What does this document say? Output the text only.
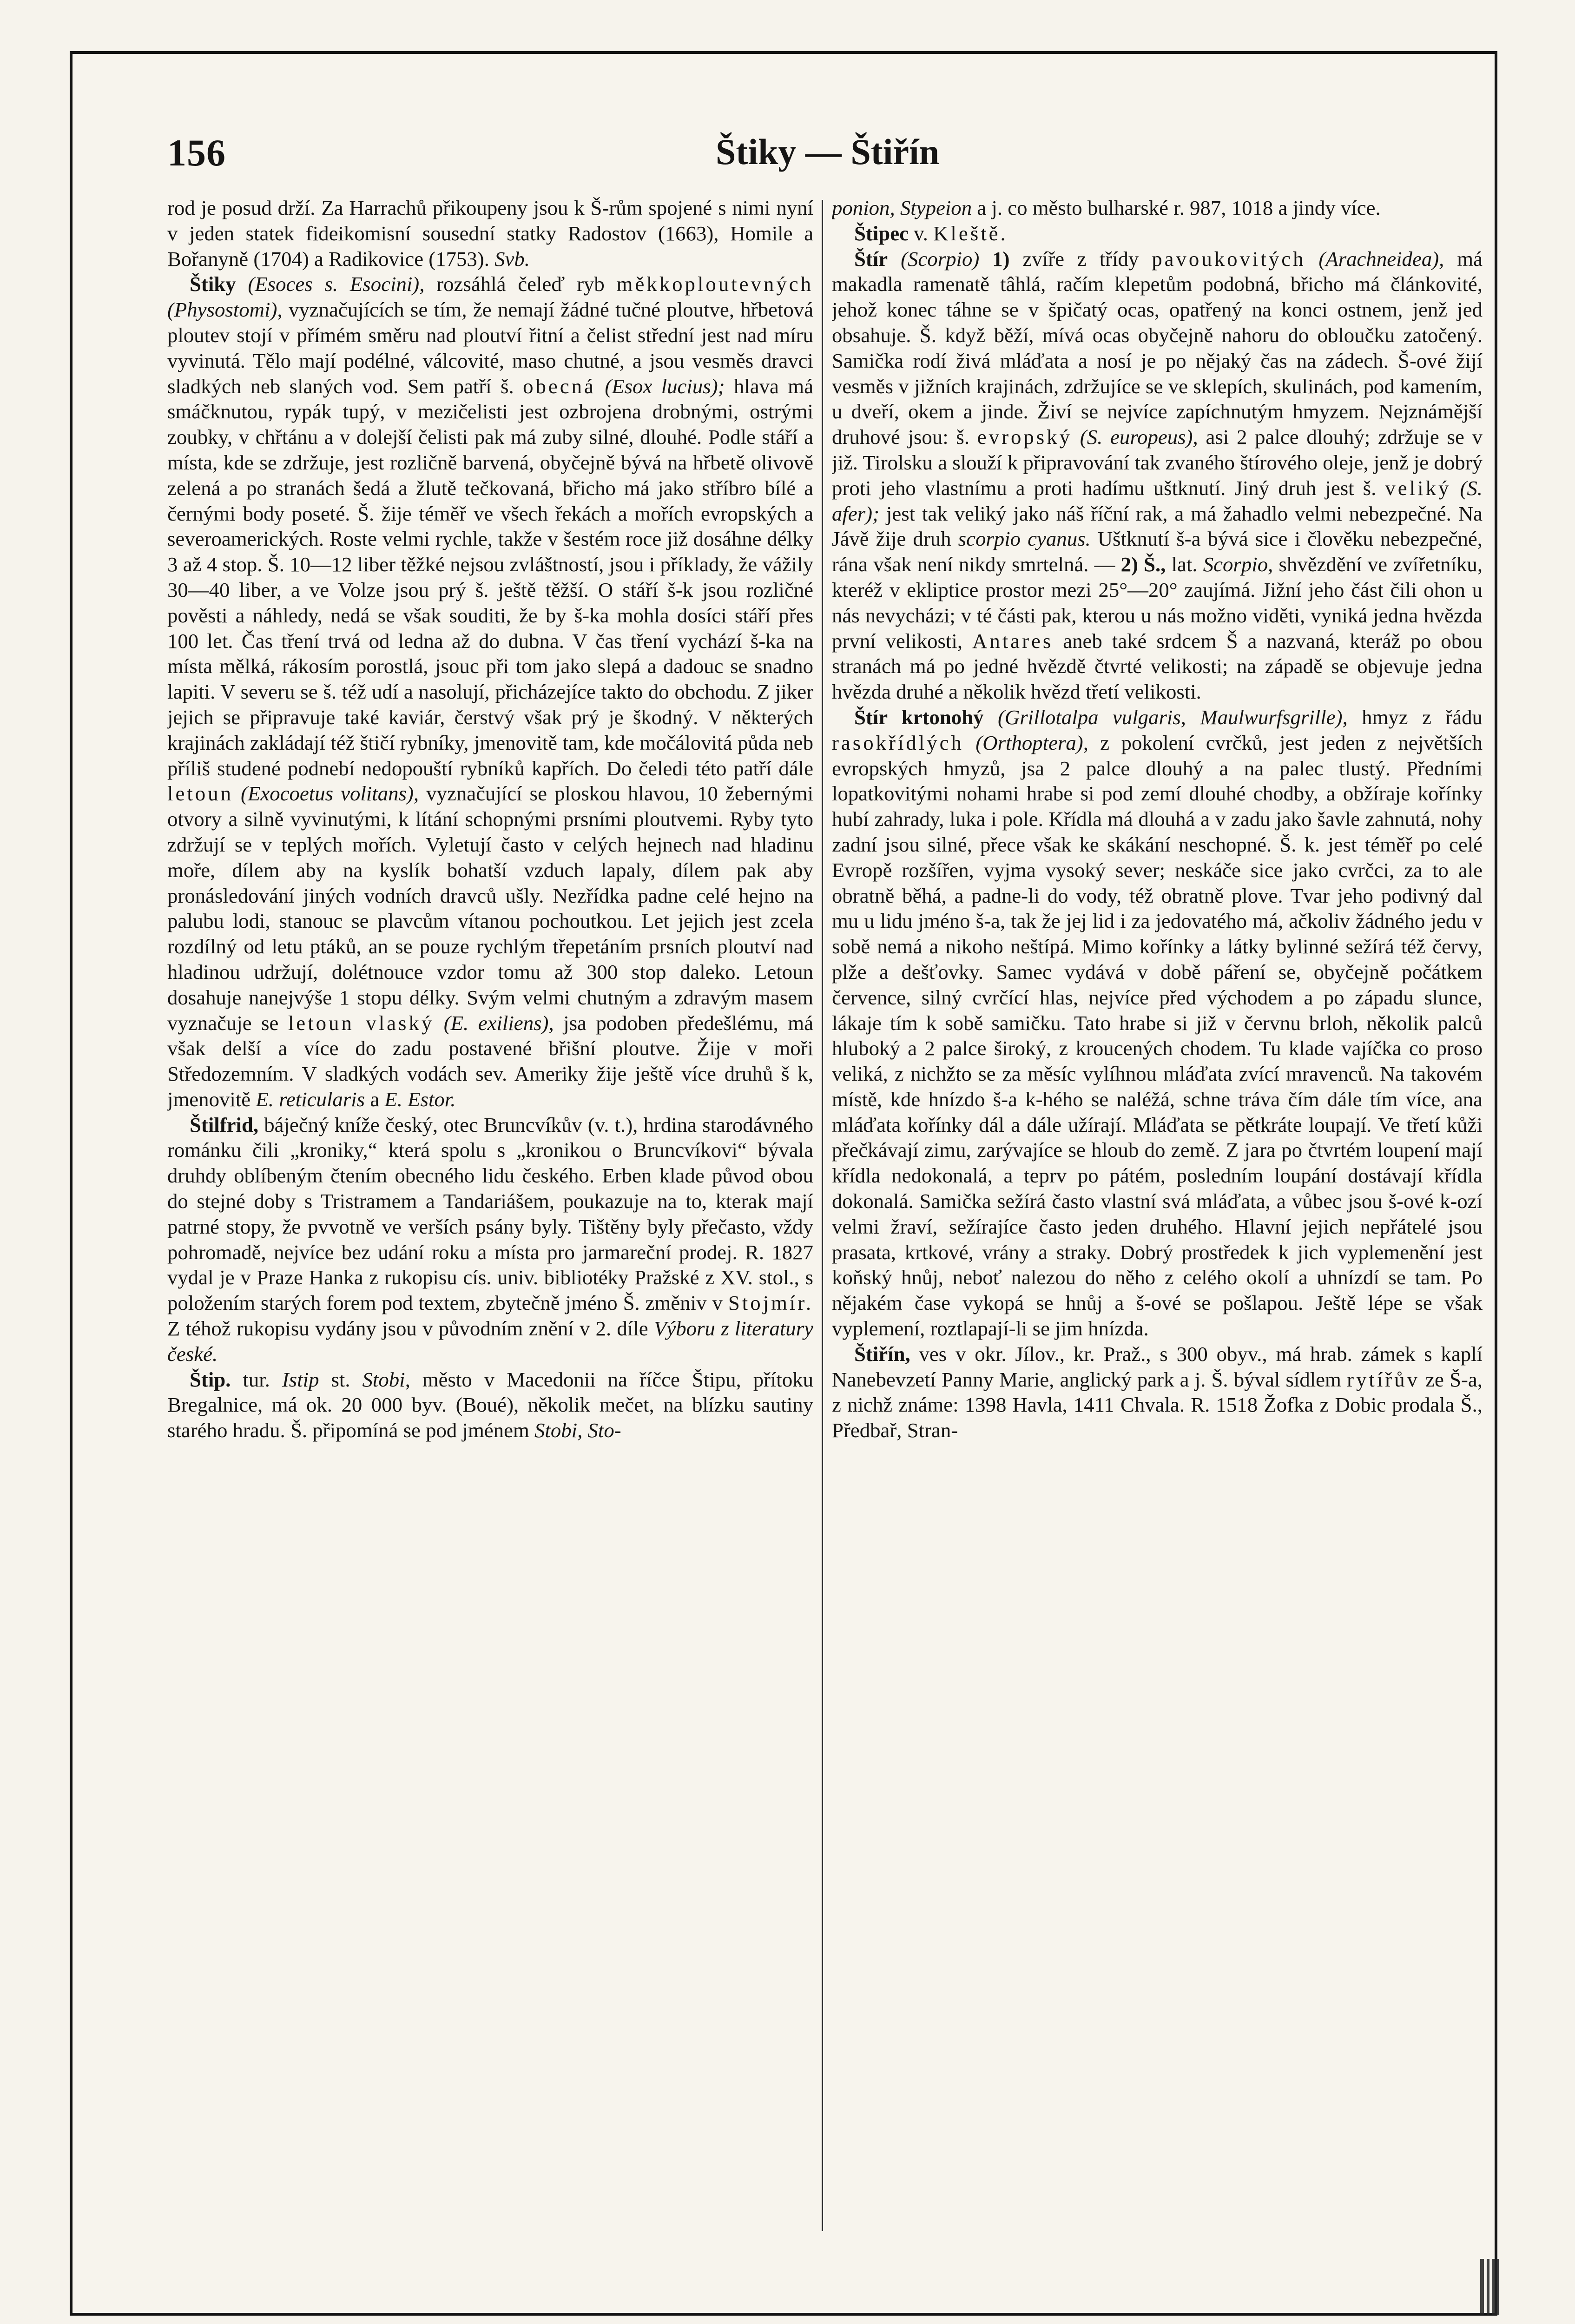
156	Štiky — Štiřín

rod je posud drží. Za Harrachů přikoupeny jsou k Š-rům spojené s nimi nyní v jeden statek fideikomisní sousední statky Radostov (1663), Homile a Bořanyně (1704) a Radikovice (1753). Svb.

Štiky (Esoces s. Esocini), rozsáhlá čeleď ryb měkkoploutevných (Physostomi), vyznačujících se tím, že nemají žádné tučné ploutve, hřbetová ploutev stojí v přímém směru nad ploutví řitní a čelist střední jest nad míru vyvinutá. Tělo mají podélné, válcovité, maso chutné, a jsou vesměs dravci sladkých neb slaných vod. Sem patří š. obecná (Esox lucius); hlava má smáčknutou, rypák tupý, v mezičelisti jest ozbrojena drobnými, ostrými zoubky, v chřtánu a v dolejší čelisti pak má zuby silné, dlouhé. Podle stáří a místa, kde se zdržuje, jest rozličně barvená, obyčejně bývá na hřbetě olivově zelená a po stranách šedá a žlutě tečkovaná, břicho má jako stříbro bílé a černými body poseté. Š. žije téměř ve všech řekách a mořích evropských a severoamerických. Roste velmi rychle, takže v šestém roce již dosáhne délky 3 až 4 stop. Š. 10—12 liber těžké nejsou zvláštností, jsou i příklady, že vážily 30—40 liber, a ve Volze jsou prý š. ještě těžší. O stáří š-k jsou rozličné pověsti a náhledy, nedá se však souditi, že by š-ka mohla dosíci stáří přes 100 let. Čas tření trvá od ledna až do dubna. V čas tření vychází š-ka na místa mělká, rákosím porostlá, jsouc při tom jako slepá a dadouc se snadno lapiti. V severu se š. též udí a nasolují, přicházejíce takto do obchodu. Z jiker jejich se připravuje také kaviár, čerstvý však prý je škodný. V některých krajinách zakládají též štičí rybníky, jmenovitě tam, kde močálovitá půda neb příliš studené podnebí nedopouští rybníků kapřích. Do čeledi této patří dále letoun (Exocoetus volitans), vyznačující se ploskou hlavou, 10 žebernými otvory a silně vyvinutými, k lítání schopnými prsními ploutvemi. Ryby tyto zdržují se v teplých mořích. Vyletují často v celých hejnech nad hladinu moře, dílem aby na kyslík bohatší vzduch lapaly, dílem pak aby pronásledování jiných vodních dravců ušly. Nezřídka padne celé hejno na palubu lodi, stanouc se plavcům vítanou pochoutkou. Let jejich jest zcela rozdílný od letu ptáků, an se pouze rychlým třepetáním prsních ploutví nad hladinou udržují, dolétnouce vzdor tomu až 300 stop daleko. Letoun dosahuje nanejvýše 1 stopu délky. Svým velmi chutným a zdravým masem vyznačuje se letoun vlaský (E. exiliens), jsa podoben předešlému, má však delší a více do zadu postavené břišní ploutve. Žije v moři Středozemním. V sladkých vodách sev. Ameriky žije ještě více druhů š k, jmenovitě E. reticularis a E. Estor.

Štilfrid, báječný kníže český, otec Bruncvíkův (v. t.), hrdina starodávného románku čili „kroniky,“ která spolu s „kronikou o Bruncvíkovi“ bývala druhdy oblíbeným čtením obecného lidu českého. Erben klade původ obou do stejné doby s Tristramem a Tandariášem, poukazuje na to, kterak mají patrné stopy, že pvvotně ve verších psány byly. Tištěny byly přečasto, vždy pohromadě, nejvíce bez udání roku a místa pro jarmareční prodej. R. 1827 vydal je v Praze Hanka z rukopisu cís. univ. bibliotéky Pražské z XV. stol., s položením starých forem pod textem, zbytečně jméno Š. změniv v Stojmír. Z téhož rukopisu vydány jsou v původním znění v 2. díle Výboru z literatury české.

Štip. tur. Istip st. Stobi, město v Macedonii na říčce Štipu, přítoku Bregalnice, má ok. 20 000 byv. (Boué), několik mečet, na blízku sautiny starého hradu. Š. připomíná se pod jménem Stobi, Sto-

ponion, Stypeion a j. co město bulharské r. 987, 1018 a jindy více.

Štipec v. Kleště.

Štír (Scorpio) 1) zvíře z třídy pavoukovitých (Arachneidea), má makadla ramenatě tâhlá, račím klepetům podobná, břicho má článkovité, jehož konec táhne se v špičatý ocas, opatřený na konci ostnem, jenž jed obsahuje. Š. když běží, mívá ocas obyčejně nahoru do obloučku zatočený. Samička rodí živá mláďata a nosí je po nějaký čas na zádech. Š-ové žijí vesměs v jižních krajinách, zdržujíce se ve sklepích, skulinách, pod kamením, u dveří, okem a jinde. Živí se nejvíce zapíchnutým hmyzem. Nejznámější druhové jsou: š. evropský (S. europeus), asi 2 palce dlouhý; zdržuje se v již. Tirolsku a slouží k připravování tak zvaného štírového oleje, jenž je dobrý proti jeho vlastnímu a proti hadímu uštknutí. Jiný druh jest š. veliký (S. afer); jest tak veliký jako náš říční rak, a má žahadlo velmi nebezpečné. Na Jávě žije druh scorpio cyanus. Uštknutí š-a bývá sice i člověku nebezpečné, rána však není nikdy smrtelná. — 2) Š., lat. Scorpio, shvězdění ve zvířetníku, kteréž v ekliptice prostor mezi 25°—20° zaujímá. Jižní jeho část čili ohon u nás nevycházi; v té části pak, kterou u nás možno viděti, vyniká jedna hvězda první velikosti, Antares aneb také srdcem Š a nazvaná, kteráž po obou stranách má po jedné hvězdě čtvrté velikosti; na západě se objevuje jedna hvězda druhé a několik hvězd třetí velikosti.

Štír krtonohý (Grillotalpa vulgaris, Maulwurfsgrille), hmyz z řádu rasokřídlých (Orthoptera), z pokolení cvrčků, jest jeden z největších evropských hmyzů, jsa 2 palce dlouhý a na palec tlustý. Předními lopatkovitými nohami hrabe si pod zemí dlouhé chodby, a obžíraje kořínky hubí zahrady, luka i pole. Křídla má dlouhá a v zadu jako šavle zahnutá, nohy zadní jsou silné, přece však ke skákání neschopné. Š. k. jest téměř po celé Evropě rozšířen, vyjma vysoký sever; neskáče sice jako cvrčci, za to ale obratně běhá, a padne-li do vody, též obratně plove. Tvar jeho podivný dal mu u lidu jméno š-a, tak že jej lid i za jedovatého má, ačkoliv žádného jedu v sobě nemá a nikoho neštípá. Mimo kořínky a látky bylinné sežírá též červy, plže a dešťovky. Samec vydává v době páření se, obyčejně počátkem července, silný cvrčící hlas, nejvíce před východem a po západu slunce, lákaje tím k sobě samičku. Tato hrabe si již v červnu brloh, několik palců hluboký a 2 palce široký, z kroucených chodem. Tu klade vajíčka co proso veliká, z nichžto se za měsíc vylíhnou mláďata zvící mravenců. Na takovém místě, kde hnízdo š-a k-hého se naléžá, schne tráva čím dále tím více, ana mláďata kořínky dál a dále užírají. Mláďata se pětkráte loupají. Ve třetí kůži přečkávají zimu, zarývajíce se hloub do země. Z jara po čtvrtém loupení mají křídla nedokonalá, a teprv po pátém, posledním loupání dostávají křídla dokonalá. Samička sežírá často vlastní svá mláďata, a vůbec jsou š-ové k-ozí velmi žraví, sežírajíce často jeden druhého. Hlavní jejich nepřátelé jsou prasata, krtkové, vrány a straky. Dobrý prostředek k jich vyplemenění jest koňský hnůj, neboť nalezou do něho z celého okolí a uhnízdí se tam. Po nějakém čase vykopá se hnůj a š-ové se pošlapou. Ještě lépe se však vyplemení, roztlapají-li se jim hnízda.

Štiřín, ves v okr. Jílov., kr. Praž., s 300 obyv., má hrab. zámek s kaplí Nanebevzetí Panny Marie, anglický park a j. Š. býval sídlem rytířův ze Š-a, z nichž známe: 1398 Havla, 1411 Chvala. R. 1518 Žofka z Dobic prodala Š., Předbař, Stran-
